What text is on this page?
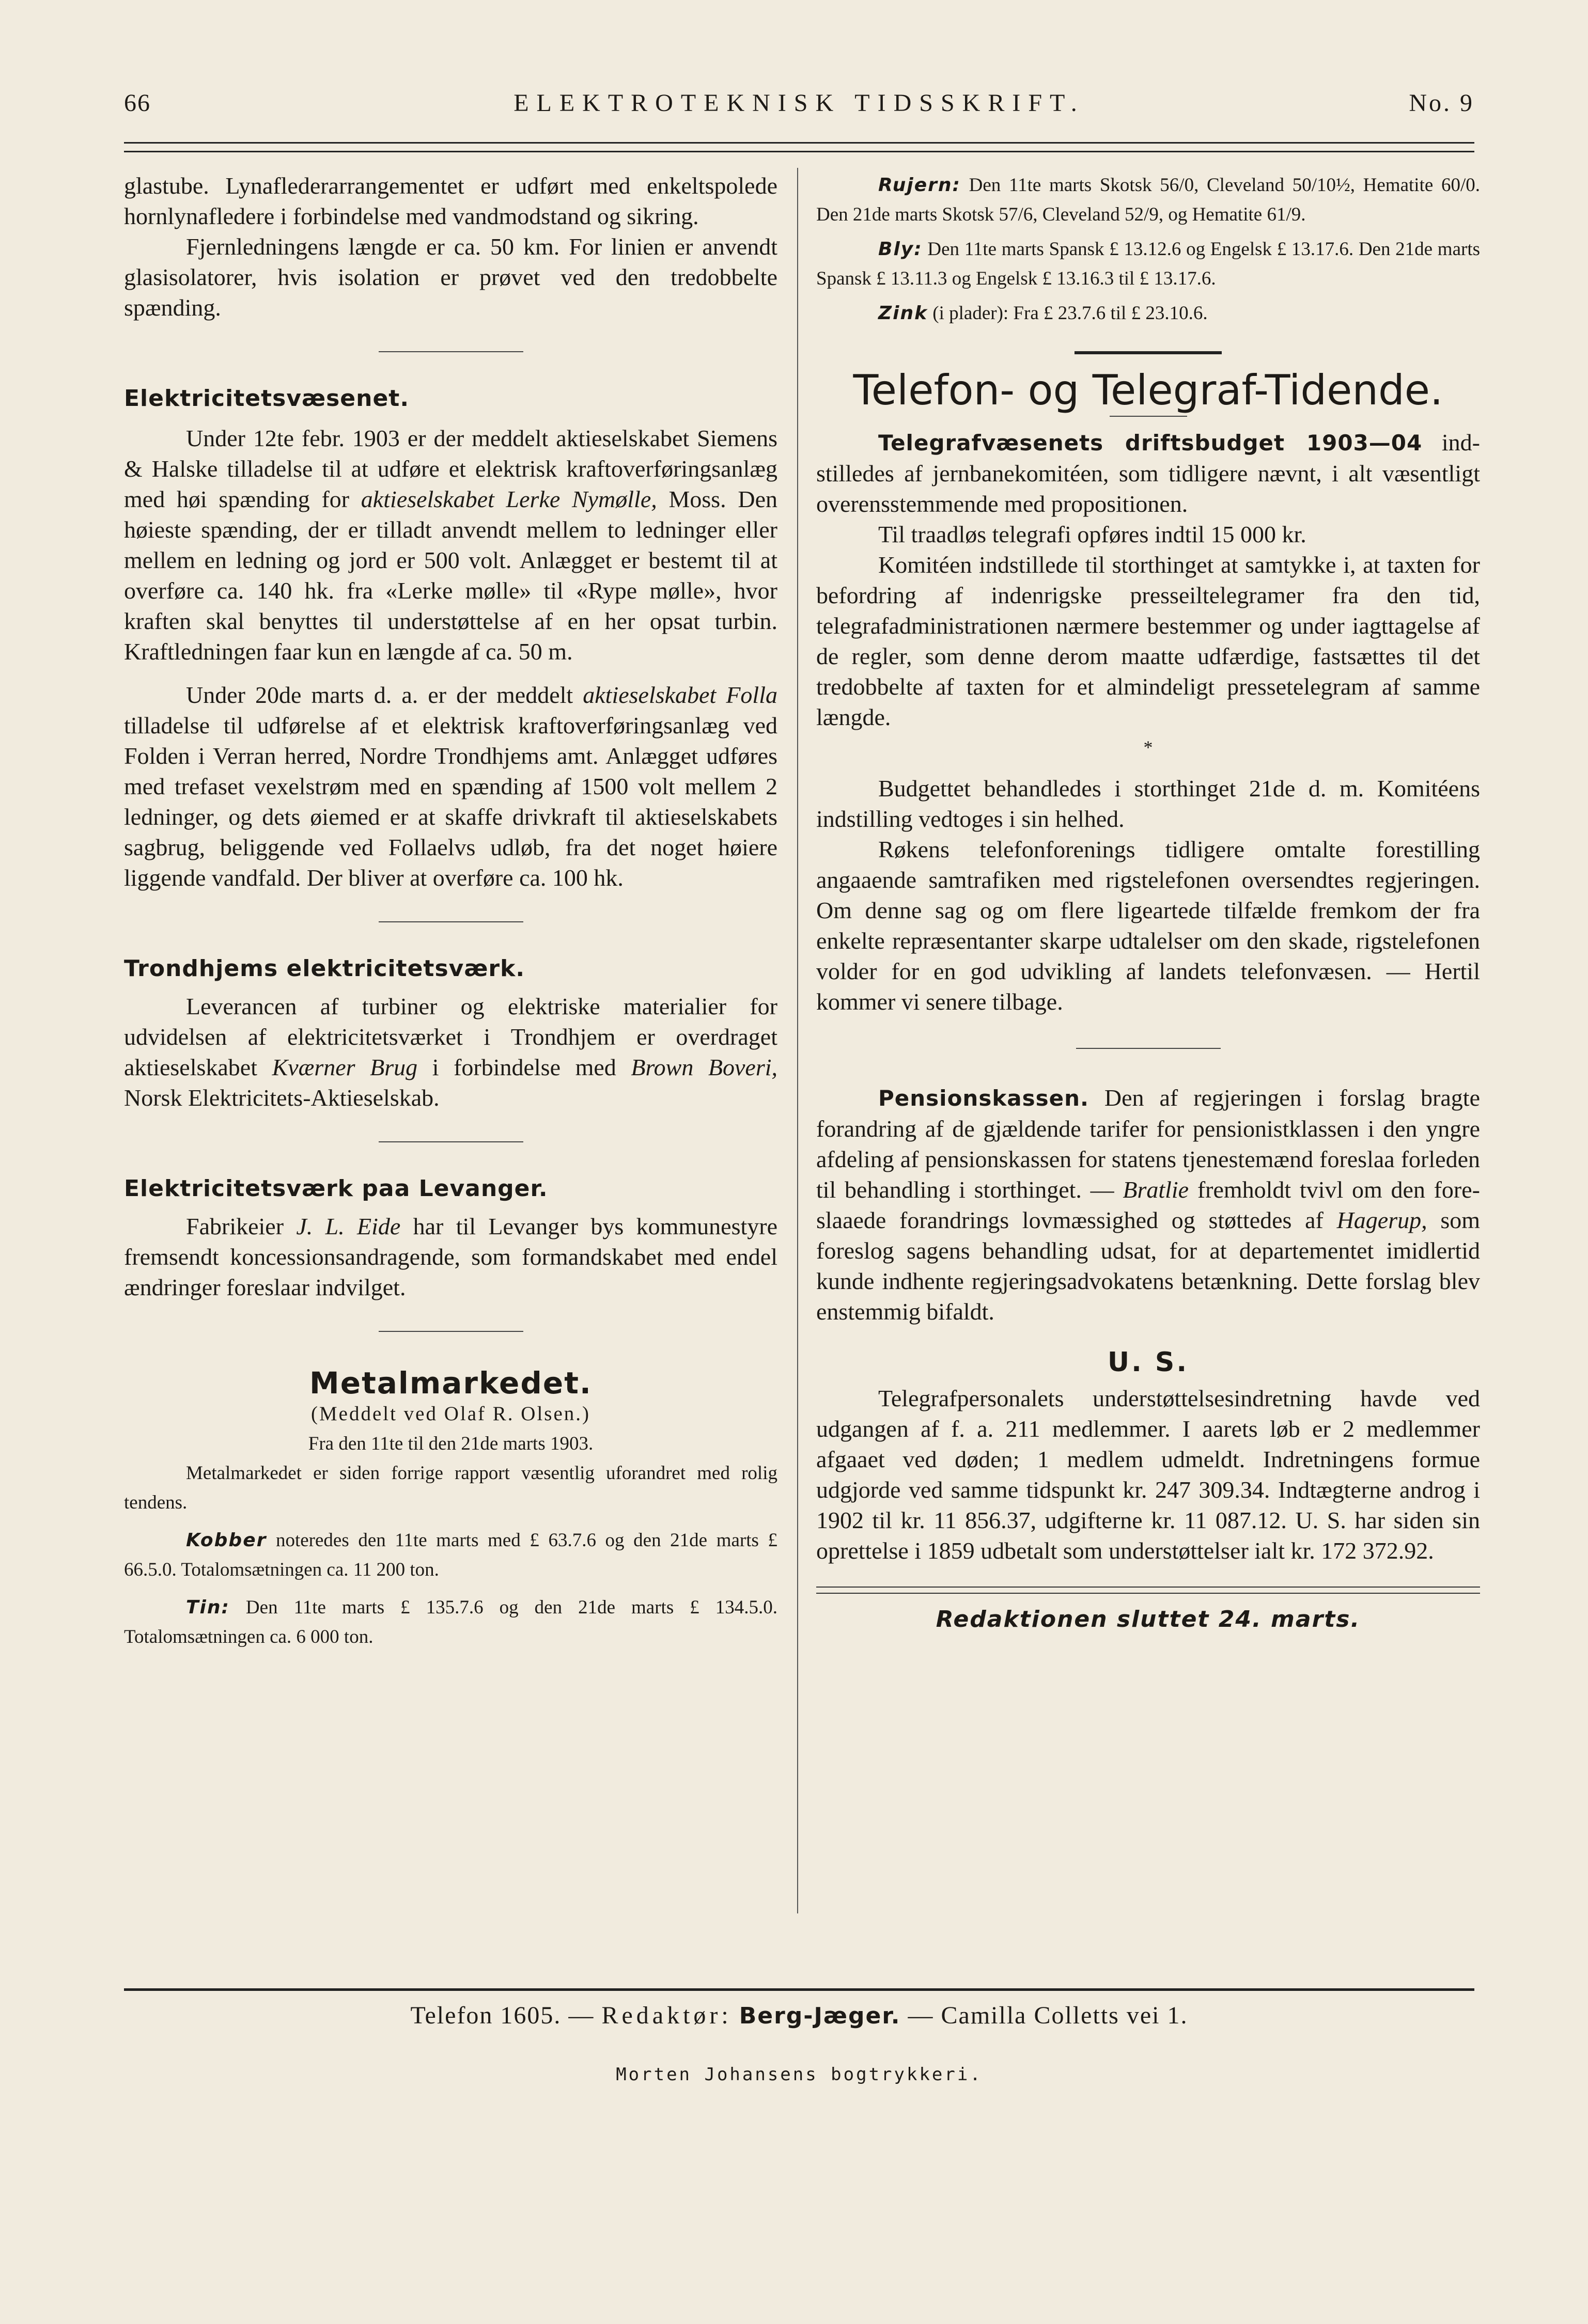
66	ELEKTROTEKNISK TIDSSKRIFT.	No. 9

glastube. Lynaflederarrangementet er udført med enkeltspolede hornlynafledere i forbindelse med vandmodstand og sikring.

Fjernledningens længde er ca. 50 km. For linien er anvendt glasisolatorer, hvis isolation er prøvet ved den tredobbelte spænding.

Elektricitetsvæsenet.

Under 12te febr. 1903 er der meddelt aktieselskabet Siemens & Halske tilladelse til at udføre et elektrisk kraftoverføringsanlæg med høi spænding for aktieselskabet Lerke Nymølle, Moss. Den høieste spænding, der er tilladt anvendt mellem to ledninger eller mellem en ledning og jord er 500 volt. Anlægget er bestemt til at overføre ca. 140 hk. fra «Lerke mølle» til «Rype mølle», hvor kraften skal benyttes til understøttelse af en her opsat turbin. Kraftledningen faar kun en længde af ca. 50 m.

Under 20de marts d. a. er der meddelt aktieselskabet Folla tilladelse til udførelse af et elektrisk kraftoverføringsanlæg ved Folden i Verran herred, Nordre Trondhjems amt. Anlægget udføres med trefaset vexelstrøm med en spænding af 1500 volt mellem 2 ledninger, og dets øiemed er at skaffe drivkraft til aktieselskabets sagbrug, beliggende ved Follaelvs udløb, fra det noget høiere liggende vandfald. Der bliver at overføre ca. 100 hk.

Trondhjems elektricitetsværk.

Leverancen af turbiner og elektriske materialier for udvidelsen af elektricitetsværket i Trondhjem er overdraget aktieselskabet Kværner Brug i forbindelse med Brown Boveri, Norsk Elektricitets-Aktieselskab.

Elektricitetsværk paa Levanger.

Fabrikeier J. L. Eide har til Levanger bys kommunestyre fremsendt koncessionsandragende, som formandskabet med endel ændringer foreslaar indvilget.

Metalmarkedet.

(Meddelt ved Olaf R. Olsen.)

Fra den 11te til den 21de marts 1903.

Metalmarkedet er siden forrige rapport væsentlig uforandret med rolig tendens.

Kobber noteredes den 11te marts med £ 63.7.6 og den 21de marts £ 66.5.0. Totalomsætningen ca. 11 200 ton.

Tin: Den 11te marts £ 135.7.6 og den 21de marts £ 134.5.0. Totalomsætningen ca. 6 000 ton.

Rujern: Den 11te marts Skotsk 56/0, Cleveland 50/10½, Hematite 60/0. Den 21de marts Skotsk 57/6, Cleveland 52/9, og Hematite 61/9.

Bly: Den 11te marts Spansk £ 13.12.6 og Engelsk £ 13.17.6. Den 21de marts Spansk £ 13.11.3 og Engelsk £ 13.16.3 til £ 13.17.6.

Zink (i plader): Fra £ 23.7.6 til £ 23.10.6.

Telefon- og Telegraf-Tidende.

Telegrafvæsenets driftsbudget 1903—04 indstilledes af jernbanekomitéen, som tidligere nævnt, i alt væsentligt overensstemmende med propositionen.

Til traadløs telegrafi opføres indtil 15 000 kr.

Komitéen indstillede til storthinget at samtykke i, at taxten for befordring af indenrigske presseiltelegramer fra den tid, telegrafadministrationen nærmere bestemmer og under iagttagelse af de regler, som denne derom maatte udfærdige, fastsættes til det tredobbelte af taxten for et almindeligt pressetelegram af samme længde.

*

Budgettet behandledes i storthinget 21de d. m. Komitéens indstilling vedtoges i sin helhed.

Røkens telefonforenings tidligere omtalte forestilling angaaende samtrafiken med rigstelefonen oversendtes regjeringen. Om denne sag og om flere ligeartede tilfælde fremkom der fra enkelte repræsentanter skarpe udtalelser om den skade, rigstelefonen volder for en god udvikling af landets telefonvæsen. — Hertil kommer vi senere tilbage.

Pensionskassen. Den af regjeringen i forslag bragte forandring af de gjældende tarifer for pensionistklassen i den yngre afdeling af pensionskassen for statens tjenestemænd foreslaa forleden til behandling i storthinget. — Bratlie fremholdt tvivl om den foreslaaede forandrings lovmæssighed og støttedes af Hagerup, som foreslog sagens behandling udsat, for at departementet imidlertid kunde indhente regjeringsadvokatens betænkning. Dette forslag blev enstemmig bifaldt.

U. S.

Telegrafpersonalets understøttelsesindretning havde ved udgangen af f. a. 211 medlemmer. I aarets løb er 2 medlemmer afgaaet ved døden; 1 medlem udmeldt. Indretningens formue udgjorde ved samme tidspunkt kr. 247 309.34. Indtægterne androg i 1902 til kr. 11 856.37, udgifterne kr. 11 087.12. U. S. har siden sin oprettelse i 1859 udbetalt som understøttelser ialt kr. 172 372.92.

Redaktionen sluttet 24. marts.

Telefon 1605. — Redaktør: Berg-Jæger. — Camilla Colletts vei 1.
Morten Johansens bogtrykkeri.
